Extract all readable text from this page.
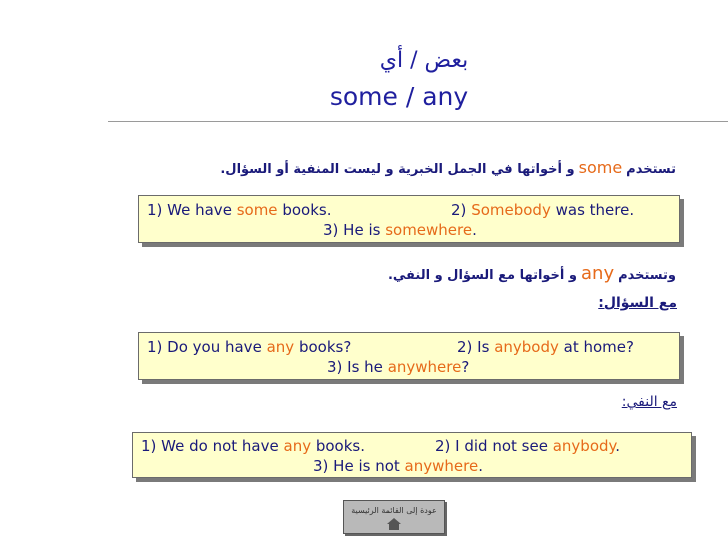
بعض / أي
some / any
تستخدمsomeو أخواتها في الجمل الخبرية و ليست المنفية أو السؤال.
1) We have some books.	2) Somebody was there.
3) He is somewhere.
وتستخدمanyو أخواتها مع السؤال و النفي.
مع السؤال:
1) Do you have any books?	2) Is anybody at home?
3) Is he anywhere?
مع النفي:
1) We do not have any books.	2) I did not see anybody.
3) He is not anywhere.
عودة إلى القائمة الرئيسية
